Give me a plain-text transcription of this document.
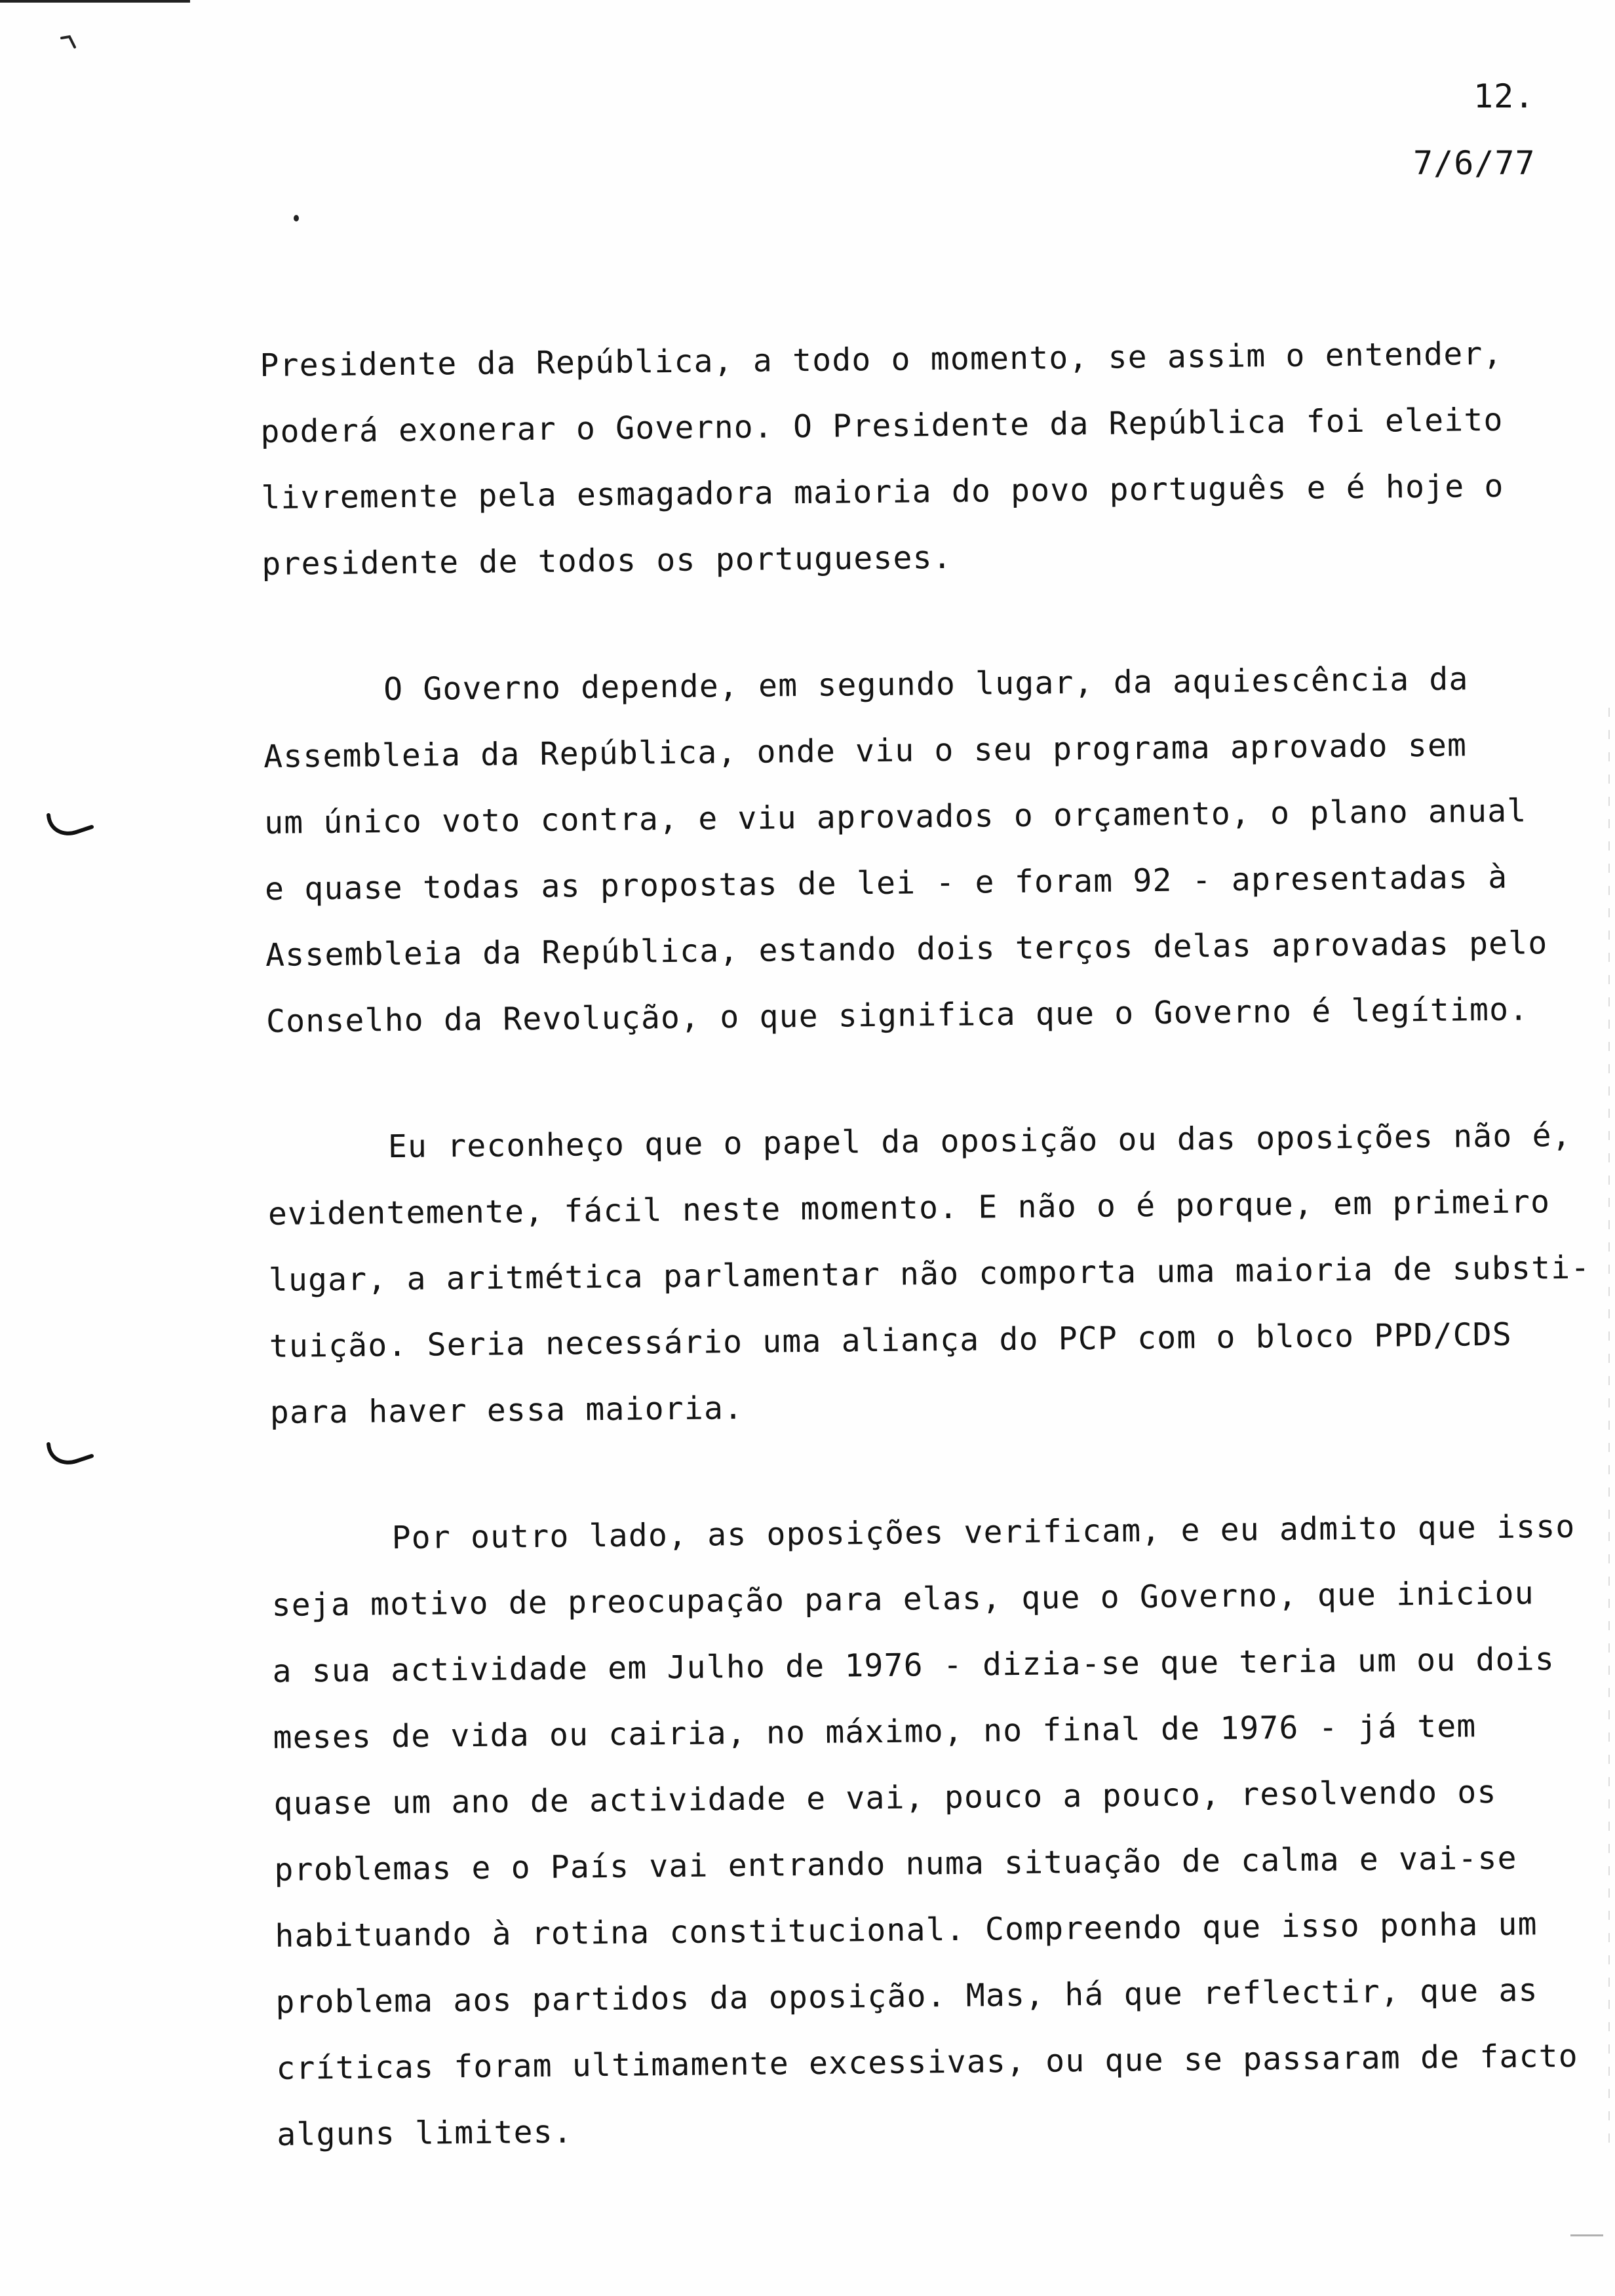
12.
7/6/77
Presidente da República, a todo o momento, se assim o entender,
poderá exonerar o Governo. O Presidente da República foi eleito
livremente pela esmagadora maioria do povo português e é hoje o
presidente de todos os portugueses.
O Governo depende, em segundo lugar, da aquiescência da
Assembleia da República, onde viu o seu programa aprovado sem
um único voto contra, e viu aprovados o orçamento, o plano anual
e quase todas as propostas de lei - e foram 92 - apresentadas à
Assembleia da República, estando dois terços delas aprovadas pelo
Conselho da Revolução, o que significa que o Governo é legítimo.
Eu reconheço que o papel da oposição ou das oposições não é,
evidentemente, fácil neste momento. E não o é porque, em primeiro
lugar, a aritmética parlamentar não comporta uma maioria de substi-
tuição. Seria necessário uma aliança do PCP com o bloco PPD/CDS
para haver essa maioria.
Por outro lado, as oposições verificam, e eu admito que isso
seja motivo de preocupação para elas, que o Governo, que iniciou
a sua actividade em Julho de 1976 - dizia-se que teria um ou dois
meses de vida ou cairia, no máximo, no final de 1976 - já tem
quase um ano de actividade e vai, pouco a pouco, resolvendo os
problemas e o País vai entrando numa situação de calma e vai-se
habituando à rotina constitucional. Compreendo que isso ponha um
problema aos partidos da oposição. Mas, há que reflectir, que as
críticas foram ultimamente excessivas, ou que se passaram de facto
alguns limites.
